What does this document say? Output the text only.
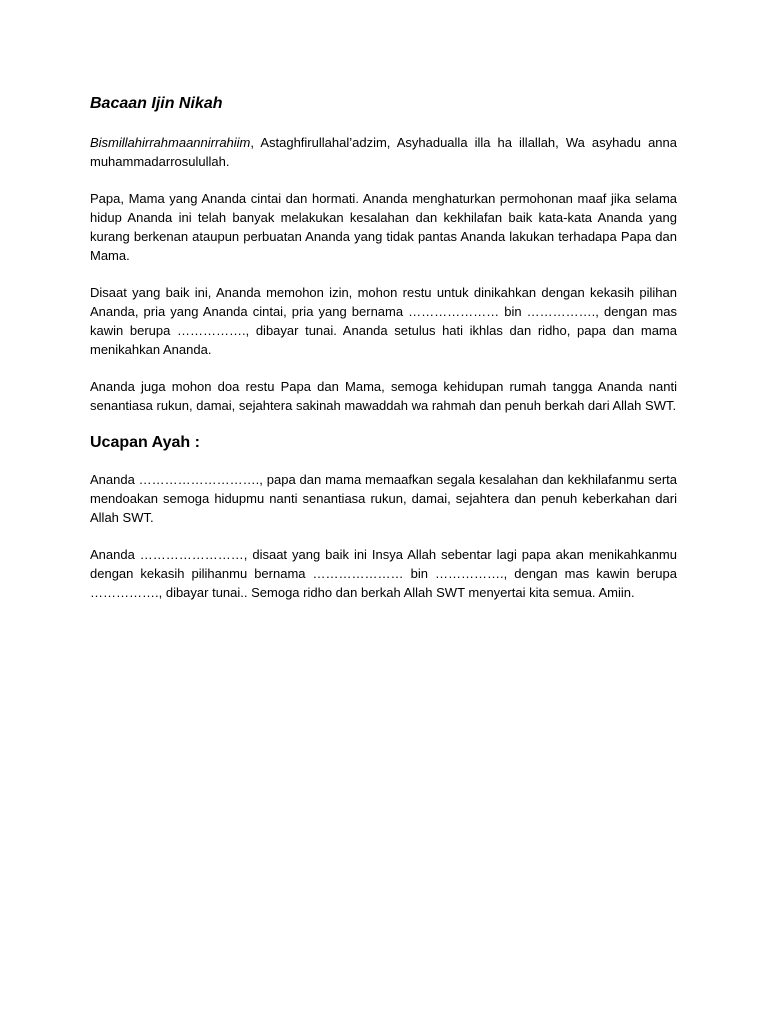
Bacaan Ijin Nikah

Bismillahirrahmaannirrahiim, Astaghfirullahal’adzim, Asyhadualla illa ha illallah, Wa asyhadu anna muhammadarrosulullah.

Papa, Mama yang Ananda cintai dan hormati. Ananda menghaturkan permohonan maaf jika selama hidup Ananda ini telah banyak melakukan kesalahan dan kekhilafan baik kata-kata Ananda yang kurang berkenan ataupun perbuatan Ananda yang tidak pantas Ananda lakukan terhadapa Papa dan Mama.

Disaat yang baik ini, Ananda memohon izin, mohon restu untuk dinikahkan dengan kekasih pilihan Ananda, pria yang Ananda cintai, pria yang bernama ………………… bin ……………., dengan mas kawin berupa ……………., dibayar tunai. Ananda setulus hati ikhlas dan ridho, papa dan mama menikahkan Ananda.

Ananda juga mohon doa restu Papa dan Mama, semoga kehidupan rumah tangga Ananda nanti senantiasa rukun, damai, sejahtera sakinah mawaddah wa rahmah dan penuh berkah dari Allah SWT.

Ucapan Ayah :

Ananda ………………………., papa dan mama memaafkan segala kesalahan dan kekhilafanmu serta mendoakan semoga hidupmu nanti senantiasa rukun, damai, sejahtera dan penuh keberkahan dari Allah SWT.

Ananda ……………………, disaat yang baik ini Insya Allah sebentar lagi papa akan menikahkanmu dengan kekasih pilihanmu bernama ………………… bin ……………., dengan mas kawin berupa ……………., dibayar tunai.. Semoga ridho dan berkah Allah SWT menyertai kita semua. Amiin.
